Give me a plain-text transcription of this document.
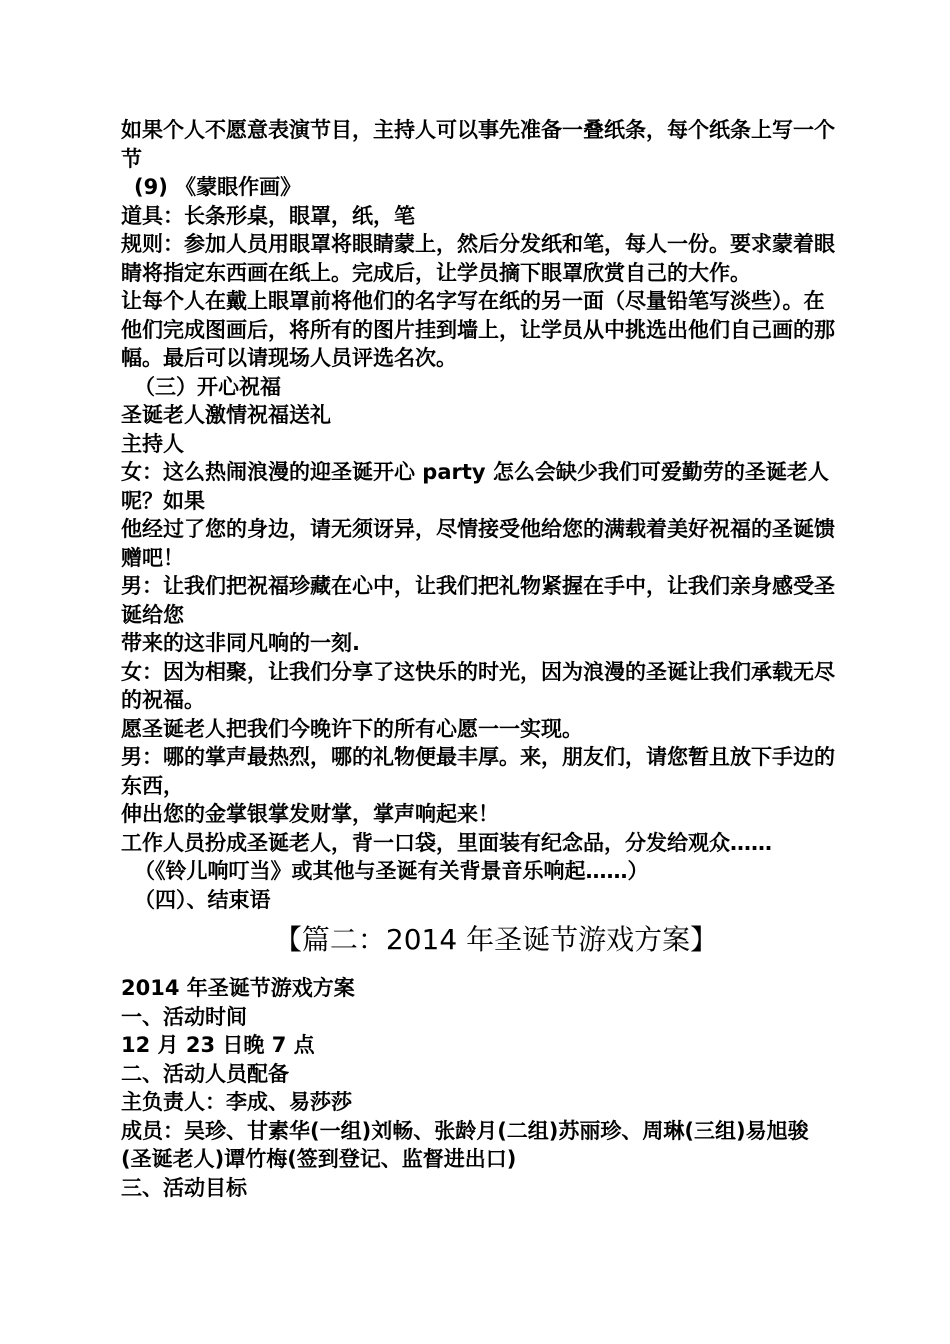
如果个人不愿意表演节目，主持人可以事先准备一叠纸条，每个纸条上写一个节

(9) 《蒙眼作画》

道具：长条形桌，眼罩，纸，笔

规则：参加人员用眼罩将眼睛蒙上，然后分发纸和笔，每人一份。要求蒙着眼睛将指定东西画在纸上。完成后，让学员摘下眼罩欣赏自己的大作。

让每个人在戴上眼罩前将他们的名字写在纸的另一面（尽量铅笔写淡些）。在他们完成图画后，将所有的图片挂到墙上，让学员从中挑选出他们自己画的那幅。最后可以请现场人员评选名次。

（三）开心祝福

圣诞老人激情祝福送礼

主持人

女：这么热闹浪漫的迎圣诞开心 party 怎么会缺少我们可爱勤劳的圣诞老人呢？如果

他经过了您的身边，请无须讶异，尽情接受他给您的满载着美好祝福的圣诞馈赠吧！

男：让我们把祝福珍藏在心中，让我们把礼物紧握在手中，让我们亲身感受圣诞给您

带来的这非同凡响的一刻.

女：因为相聚，让我们分享了这快乐的时光，因为浪漫的圣诞让我们承载无尽的祝福。

愿圣诞老人把我们今晚许下的所有心愿一一实现。

男：哪的掌声最热烈，哪的礼物便最丰厚。来，朋友们，请您暂且放下手边的东西，

伸出您的金掌银掌发财掌，掌声响起来！

工作人员扮成圣诞老人，背一口袋，里面装有纪念品，分发给观众……

（《铃儿响叮当》或其他与圣诞有关背景音乐响起……）

（四）、结束语

【篇二：2014 年圣诞节游戏方案】

2014 年圣诞节游戏方案

一、活动时间

12 月 23 日晚 7 点

二、活动人员配备

主负责人：李成、易莎莎

成员：吴珍、甘素华(一组)刘畅、张龄月(二组)苏丽珍、周琳(三组)易旭骏(圣诞老人)谭竹梅(签到登记、监督进出口)

三、活动目标
